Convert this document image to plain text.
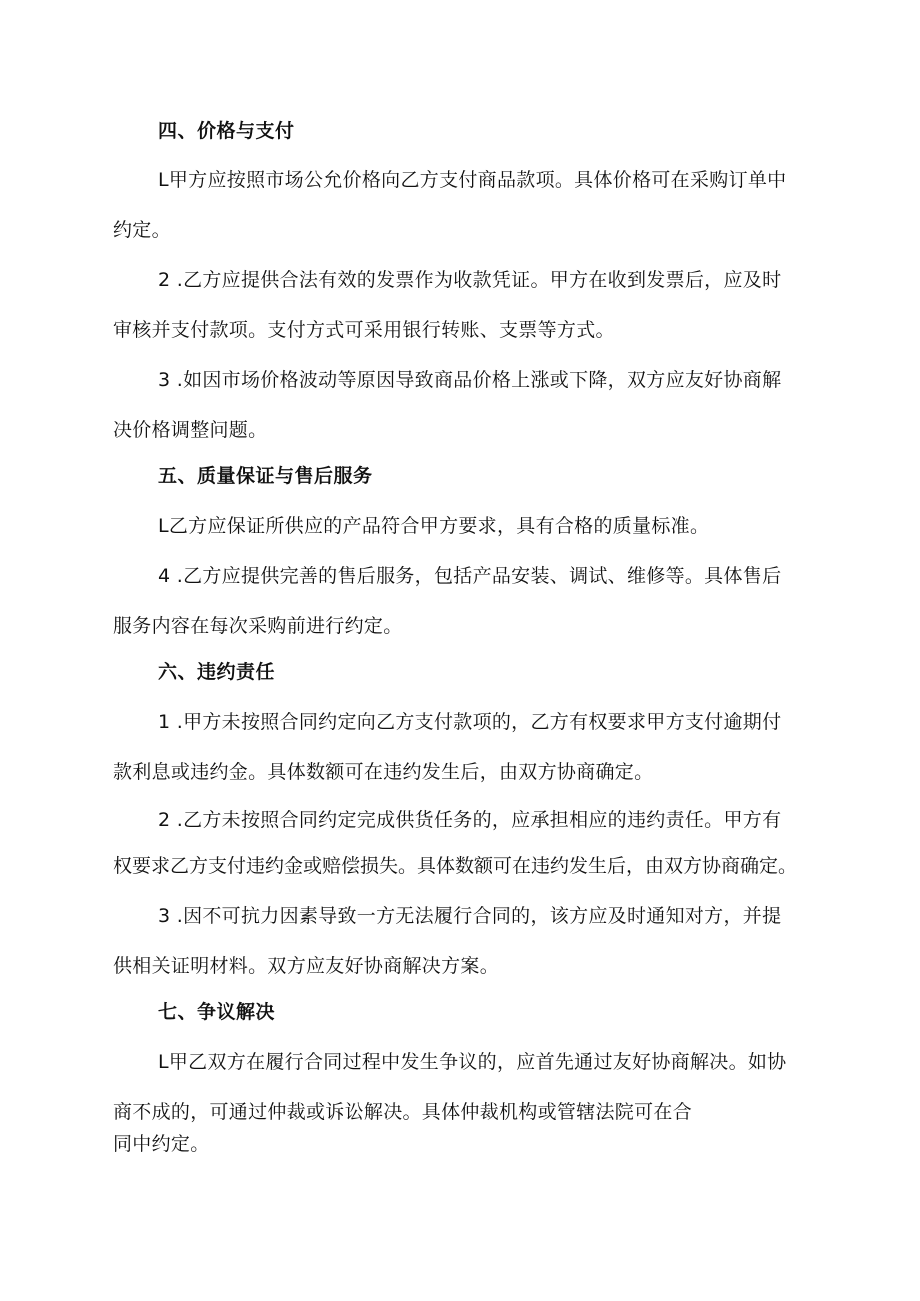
四、价格与支付
L甲方应按照市场公允价格向乙方支付商品款项。具体价格可在采购订单中
约定。
2 .乙方应提供合法有效的发票作为收款凭证。甲方在收到发票后，应及时
审核并支付款项。支付方式可采用银行转账、支票等方式。
3 .如因市场价格波动等原因导致商品价格上涨或下降，双方应友好协商解
决价格调整问题。
五、质量保证与售后服务
L乙方应保证所供应的产品符合甲方要求，具有合格的质量标准。
4 .乙方应提供完善的售后服务，包括产品安装、调试、维修等。具体售后
服务内容在每次采购前进行约定。
六、违约责任
1 .甲方未按照合同约定向乙方支付款项的，乙方有权要求甲方支付逾期付
款利息或违约金。具体数额可在违约发生后，由双方协商确定。
2 .乙方未按照合同约定完成供货任务的，应承担相应的违约责任。甲方有
权要求乙方支付违约金或赔偿损失。具体数额可在违约发生后，由双方协商确定。
3 .因不可抗力因素导致一方无法履行合同的，该方应及时通知对方，并提
供相关证明材料。双方应友好协商解决方案。
七、争议解决
L甲乙双方在履行合同过程中发生争议的，应首先通过友好协商解决。如协
商不成的，可通过仲裁或诉讼解决。具体仲裁机构或管辖法院可在合
同中约定。
